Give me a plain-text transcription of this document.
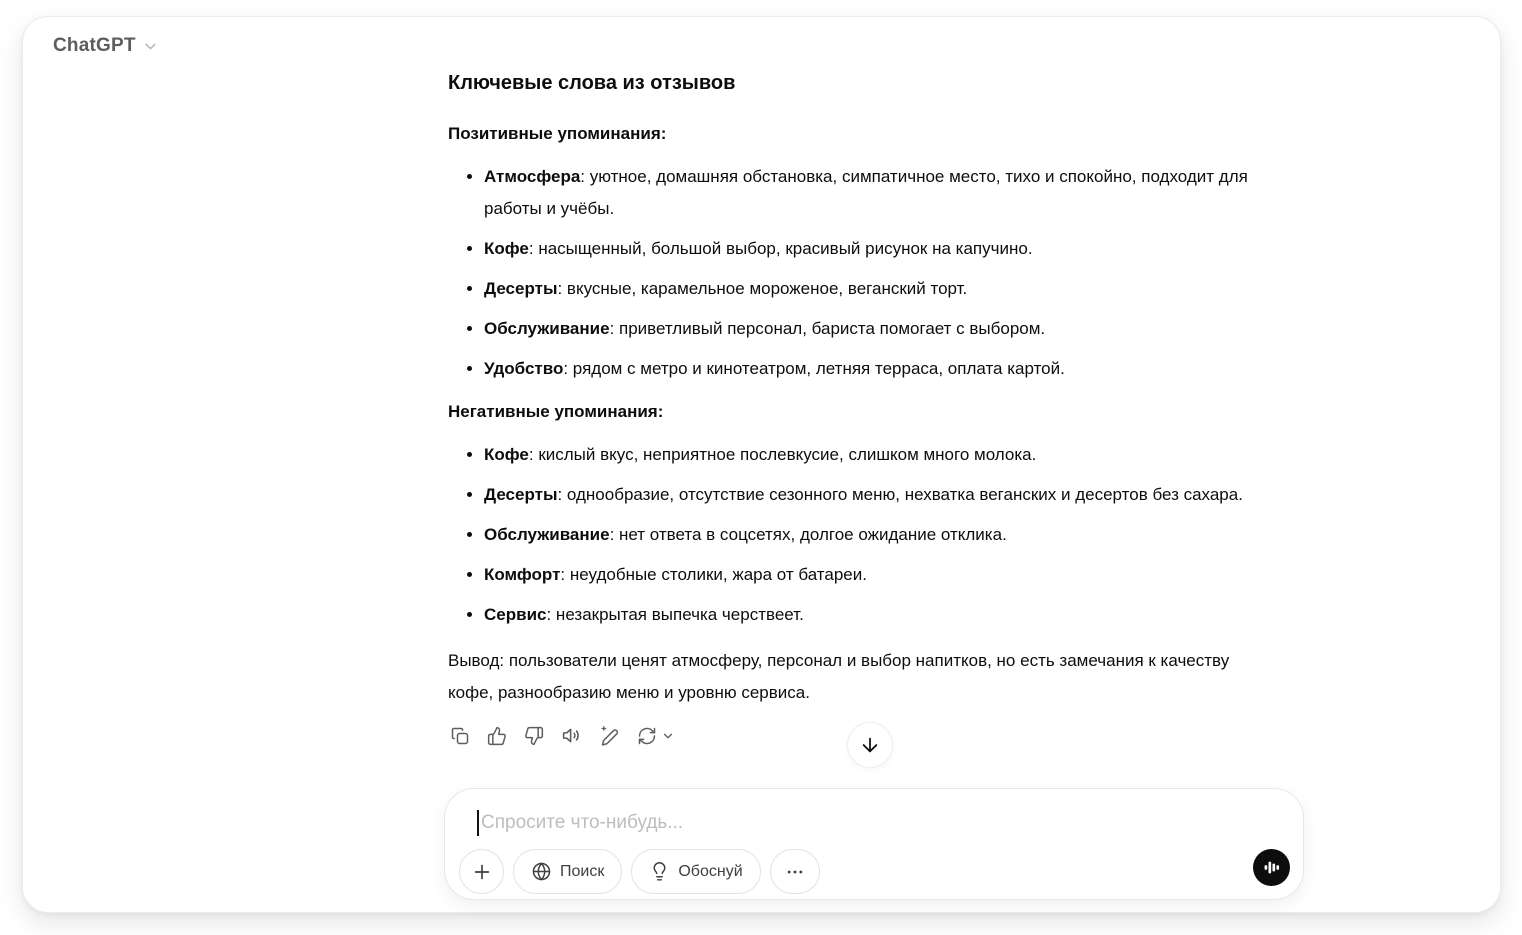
ChatGPT
Ключевые слова из отзывов
Позитивные упоминания:
• Атмосфера: уютное, домашняя обстановка, симпатичное место, тихо и спокойно, подходит для работы и учёбы.
• Кофе: насыщенный, большой выбор, красивый рисунок на капучино.
• Десерты: вкусные, карамельное мороженое, веганский торт.
• Обслуживание: приветливый персонал, бариста помогает с выбором.
• Удобство: рядом с метро и кинотеатром, летняя терраса, оплата картой.
Негативные упоминания:
• Кофе: кислый вкус, неприятное послевкусие, слишком много молока.
• Десерты: однообразие, отсутствие сезонного меню, нехватка веганских и десертов без сахара.
• Обслуживание: нет ответа в соцсетях, долгое ожидание отклика.
• Комфорт: неудобные столики, жара от батареи.
• Сервис: незакрытая выпечка черствеет.

Вывод: пользователи ценят атмосферу, персонал и выбор напитков, но есть замечания к качеству кофе, разнообразию меню и уровню сервиса.

Спросите что-нибудь...
Поиск	Обоснуй
